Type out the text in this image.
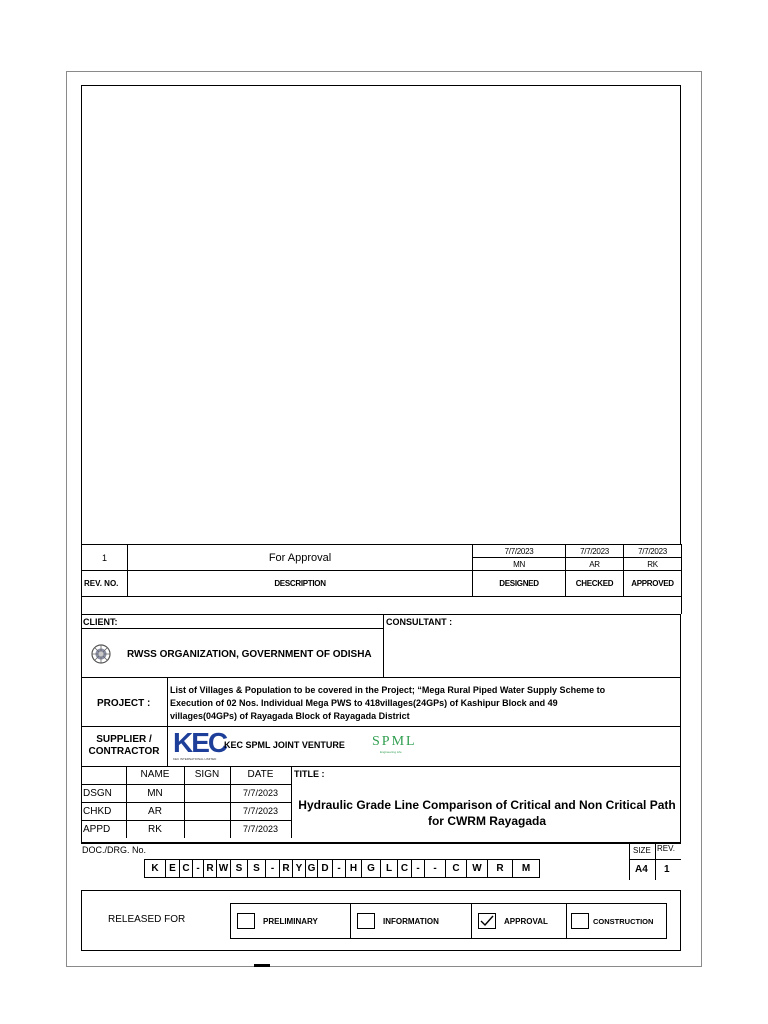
1	For Approval	7/7/2023	7/7/2023	7/7/2023
		MN	AR	RK
REV. NO.	DESCRIPTION	DESIGNED	CHECKED	APPROVED
CLIENT:	CONSULTANT :
RWSS ORGANIZATION, GOVERNMENT OF ODISHA
PROJECT :
List of Villages & Population to be covered in the Project; “Mega Rural Piped Water Supply Scheme to
Execution of 02 Nos. Individual Mega PWS to 418villages(24GPs) of Kashipur Block and 49
villages(04GPs) of Rayagada Block of Rayagada District
SUPPLIER /
CONTRACTOR KEC
KEC INTERNATIONAL LIMITED
KEC SPML JOINT VENTURE SPML
Engineering Life
	NAME	SIGN	DATE
DSGN	MN		7/7/2023
CHKD	AR		7/7/2023
APPD	RK		7/7/2023
TITLE :
Hydraulic Grade Line Comparison of Critical and Non Critical Path
for CWRM Rayagada
DOC./DRG. No.
K	E	C	-	R	W	S	S	-	R	Y	G	D	-	H	G	L	C	-	-	C	W	R	M
SIZE
A4
REV.
1
RELEASED FOR	PRELIMINARY	INFORMATION	APPROVAL	CONSTRUCTION
